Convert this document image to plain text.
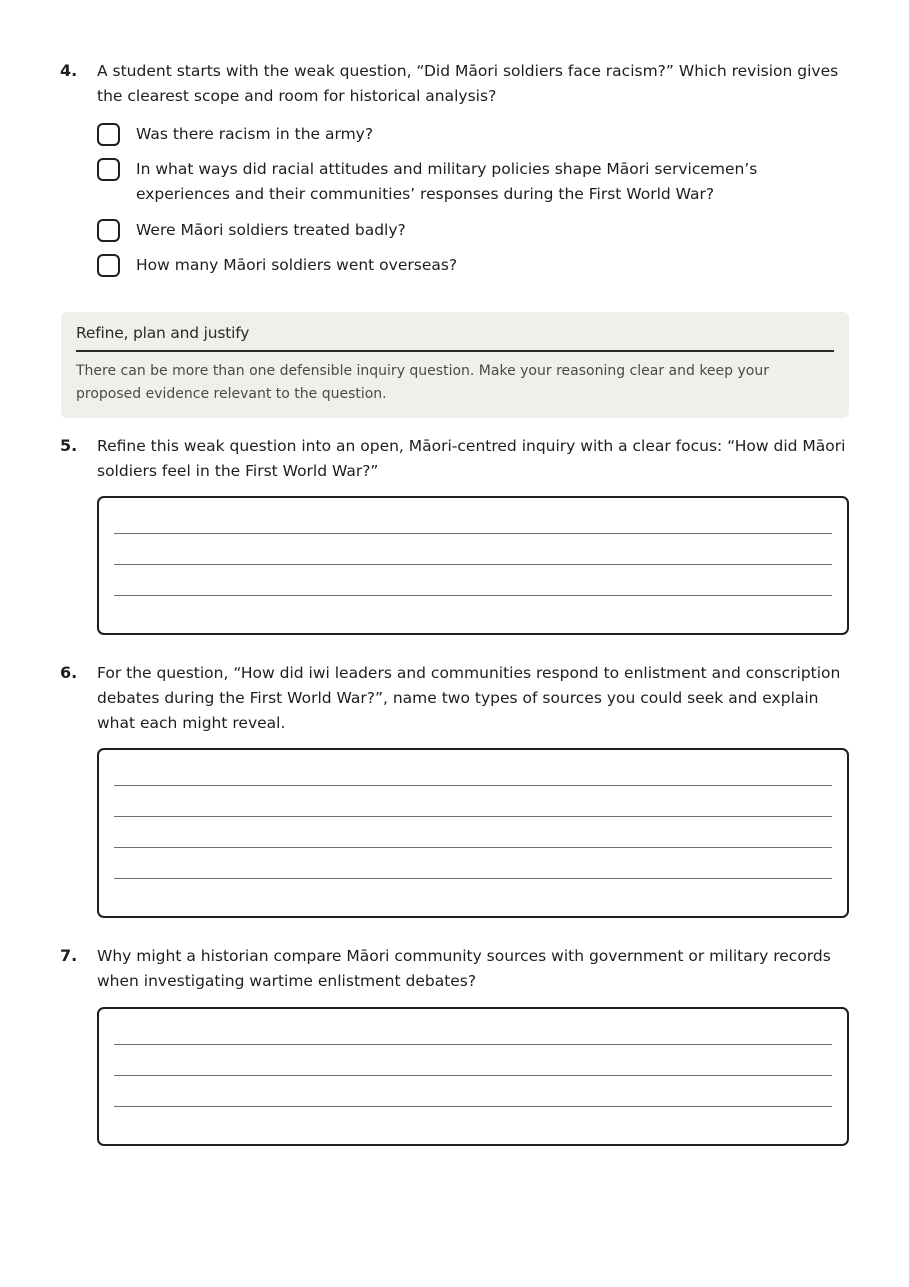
4. A student starts with the weak question, “Did Māori soldiers face racism?” Which revision gives the clearest scope and room for historical analysis?

Was there racism in the army?
In what ways did racial attitudes and military policies shape Māori servicemen’s experiences and their communities’ responses during the First World War?
Were Māori soldiers treated badly?
How many Māori soldiers went overseas?
Refine, plan and justify
There can be more than one defensible inquiry question. Make your reasoning clear and keep your proposed evidence relevant to the question.
5. Refine this weak question into an open, Māori-centred inquiry with a clear focus: “How did Māori soldiers feel in the First World War?”

6. For the question, “How did iwi leaders and communities respond to enlistment and conscription debates during the First World War?”, name two types of sources you could seek and explain what each might reveal.

7. Why might a historian compare Māori community sources with government or military records when investigating wartime enlistment debates?
